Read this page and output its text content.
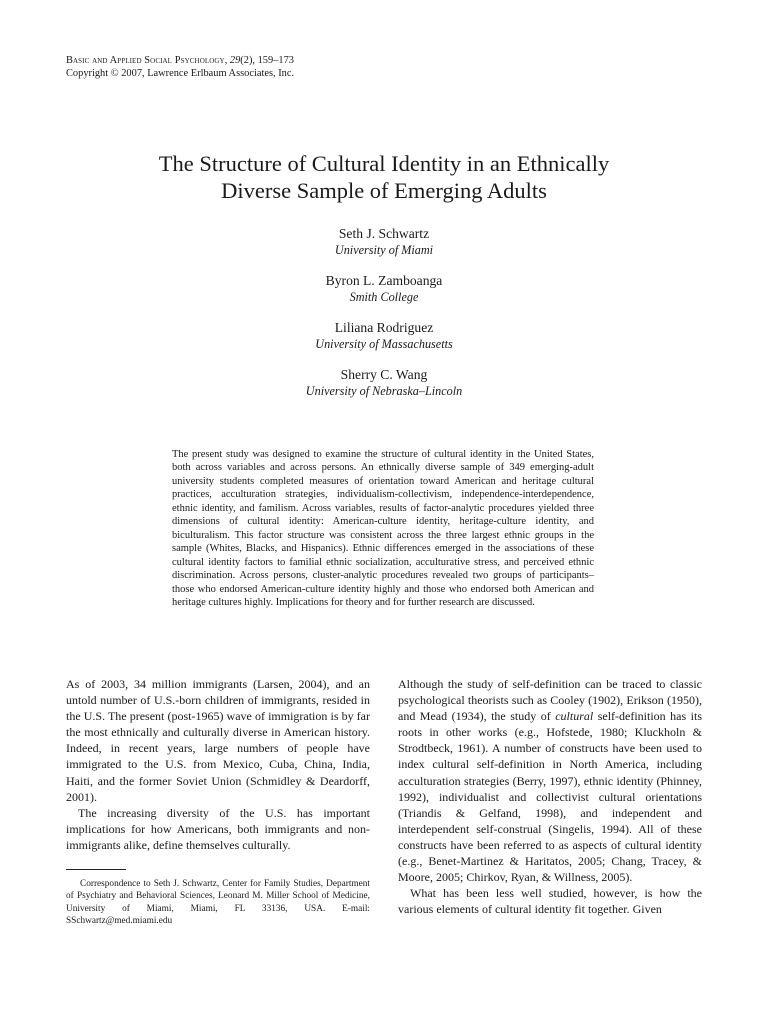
Basic and Applied Social Psychology, 29(2), 159–173
Copyright © 2007, Lawrence Erlbaum Associates, Inc.
The Structure of Cultural Identity in an Ethnically
Diverse Sample of Emerging Adults
Seth J. Schwartz
University of Miami
Byron L. Zamboanga
Smith College
Liliana Rodriguez
University of Massachusetts
Sherry C. Wang
University of Nebraska–Lincoln

The present study was designed to examine the structure of cultural identity in the United States, both across variables and across persons. An ethnically diverse sample of 349 emerging-adult university students completed measures of orientation toward American and heritage cultural practices, acculturation strategies, individualism-collectivism, independence-interdependence, ethnic identity, and familism. Across variables, results of factor-analytic procedures yielded three dimensions of cultural identity: American-culture identity, heritage-culture identity, and biculturalism. This factor structure was consistent across the three largest ethnic groups in the sample (Whites, Blacks, and Hispanics). Ethnic differences emerged in the associations of these cultural identity factors to familial ethnic socialization, acculturative stress, and perceived ethnic discrimination. Across persons, cluster-analytic procedures revealed two groups of participants–those who endorsed American-culture identity highly and those who endorsed both American and heritage cultures highly. Implications for theory and for further research are discussed.

As of 2003, 34 million immigrants (Larsen, 2004), and an untold number of U.S.-born children of immigrants, resided in the U.S. The present (post-1965) wave of immigration is by far the most ethnically and culturally diverse in American history. Indeed, in recent years, large numbers of people have immigrated to the U.S. from Mexico, Cuba, China, India, Haiti, and the former Soviet Union (Schmidley & Deardorff, 2001).

The increasing diversity of the U.S. has important implications for how Americans, both immigrants and non-immigrants alike, define themselves culturally.

Correspondence to Seth J. Schwartz, Center for Family Studies, Department of Psychiatry and Behavioral Sciences, Leonard M. Miller School of Medicine, University of Miami, Miami, FL 33136, USA. E-mail: SSchwartz@med.miami.edu

Although the study of self-definition can be traced to classic psychological theorists such as Cooley (1902), Erikson (1950), and Mead (1934), the study of cultural self-definition has its roots in other works (e.g., Hofstede, 1980; Kluckholn & Strodtbeck, 1961). A number of constructs have been used to index cultural self-definition in North America, including acculturation strategies (Berry, 1997), ethnic identity (Phinney, 1992), individualist and collectivist cultural orientations (Triandis & Gelfand, 1998), and independent and interdependent self-construal (Singelis, 1994). All of these constructs have been referred to as aspects of cultural identity (e.g., Benet-Martinez & Haritatos, 2005; Chang, Tracey, & Moore, 2005; Chirkov, Ryan, & Willness, 2005).

What has been less well studied, however, is how the various elements of cultural identity fit together. Given
